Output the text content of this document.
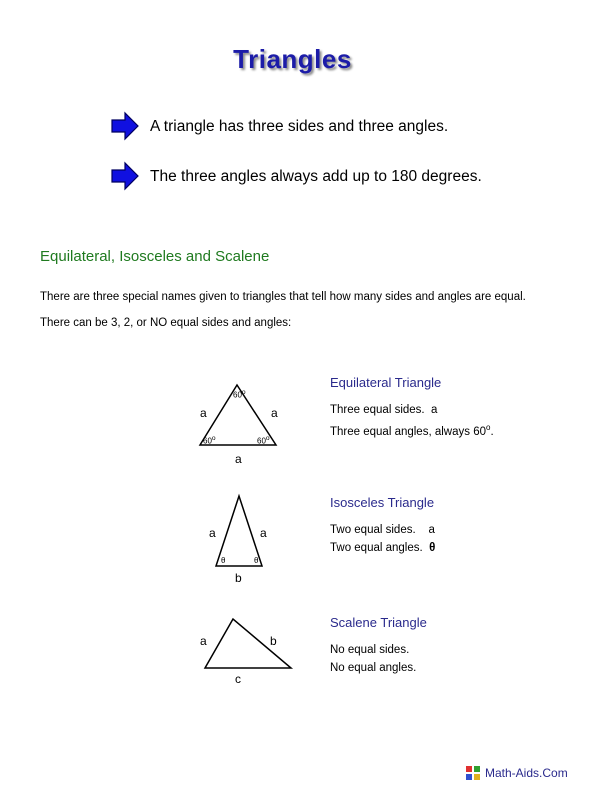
Triangles
A triangle has three sides and three angles.
The three angles always add up to 180 degrees.
Equilateral, Isosceles and Scalene
There are three special names given to triangles that tell how many sides and angles are equal.
There can be 3, 2, or NO equal sides and angles:
60$^o$
60$^o$	60$^o$
a	a
a
Equilateral Triangle
Three equal sides. a
Three equal angles, always 60$^o$.
θ	θ
a	a
b
Isosceles Triangle
Two equal sides. a
Two equal angles. θ
a	b
c
Scalene Triangle
No equal sides.
No equal angles.
Math-Aids.Com
